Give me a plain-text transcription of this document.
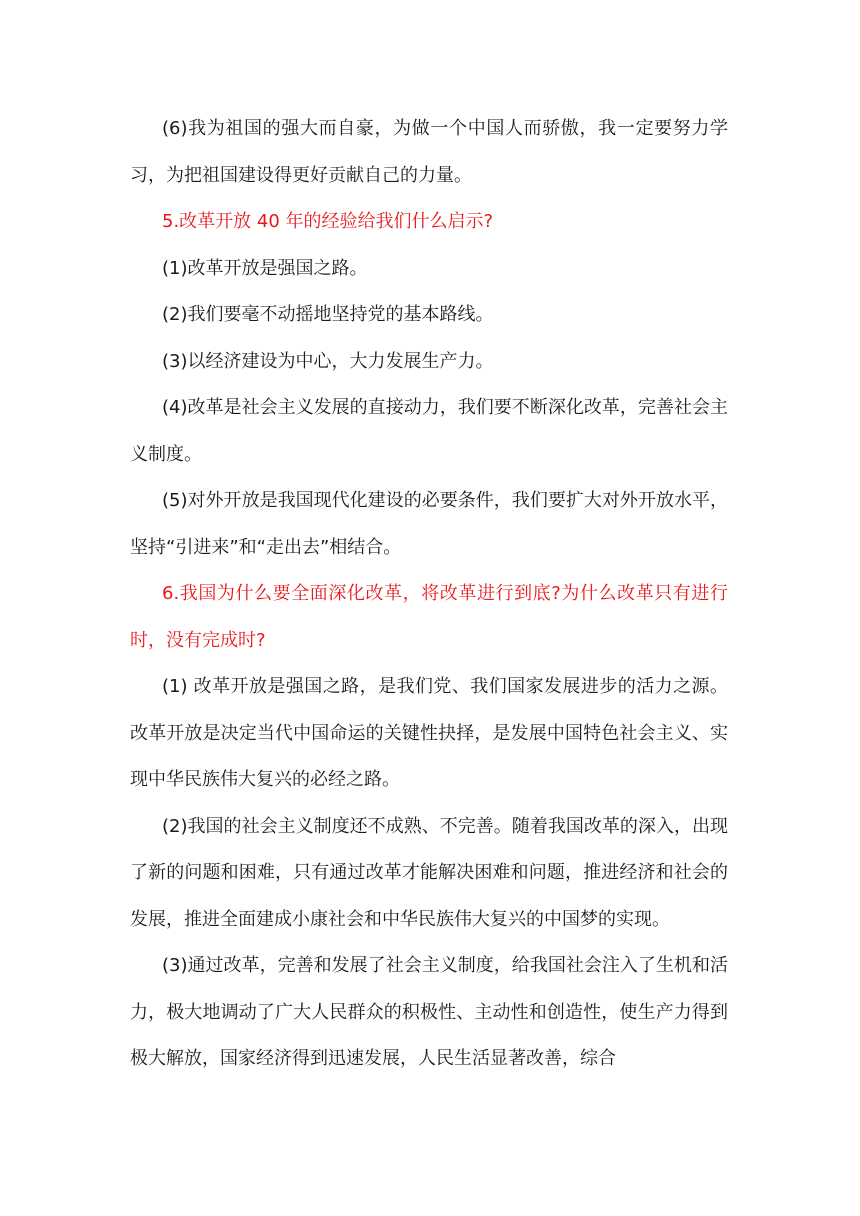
(6)我为祖国的强大而自豪，为做一个中国人而骄傲，我一定要努力学习，为把祖国建设得更好贡献自己的力量。

5.改革开放 40 年的经验给我们什么启示?

(1)改革开放是强国之路。

(2)我们要毫不动摇地坚持党的基本路线。

(3)以经济建设为中心，大力发展生产力。

(4)改革是社会主义发展的直接动力，我们要不断深化改革，完善社会主义制度。

(5)对外开放是我国现代化建设的必要条件，我们要扩大对外开放水平，坚持“引进来”和“走出去”相结合。

6.我国为什么要全面深化改革，将改革进行到底?为什么改革只有进行时，没有完成时?

(1) 改革开放是强国之路，是我们党、我们国家发展进步的活力之源。改革开放是决定当代中国命运的关键性抉择，是发展中国特色社会主义、实现中华民族伟大复兴的必经之路。

(2)我国的社会主义制度还不成熟、不完善。随着我国改革的深入，出现了新的问题和困难，只有通过改革才能解决困难和问题，推进经济和社会的发展，推进全面建成小康社会和中华民族伟大复兴的中国梦的实现。

(3)通过改革，完善和发展了社会主义制度，给我国社会注入了生机和活力，极大地调动了广大人民群众的积极性、主动性和创造性，使生产力得到极大解放，国家经济得到迅速发展，人民生活显著改善，综合
